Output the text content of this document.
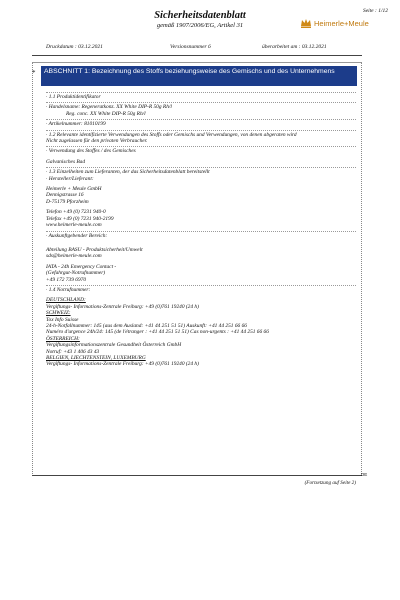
Sicherheitsdatenblatt
gemäß 1907/2006/EG, Artikel 31
Seite : 1/12
Heimerle+Meule
Druckdatum : 03.12.2021	Versionsnummer 6	überarbeitet am : 03.12.2021
*	ABSCHNITT 1: Bezeichnung des Stoffs beziehungsweise des Gemischs und des Unternehmens
· 1.1 Produktidentifikator
· Handelsname: Regeneratkonz. XX White DIP-R 50g Rh/l
Reg. conc. XX White DIP-R 50g Rh/l
· Artikelnummer: 81010199
· 1.2 Relevante identifizierte Verwendungen des Stoffs oder Gemischs und Verwendungen, von denen abgeraten wird
Nicht zugelassen für den privaten Verbraucher.
· Verwendung des Stoffes / des Gemisches
Galvanisches Bad
· 1.3 Einzelheiten zum Lieferanten, der das Sicherheitsdatenblatt bereitstellt
· Hersteller/Lieferant:
Heimerle + Meule GmbH
Dennigstrasse 16
D-75179 Pforzheim
Telefon +49 (0) 7231 940-0
Telefax +49 (0) 7231 940-2199
www.heimerle-meule.com
· Auskunftgebender Bereich:
Abteilung BASU - Produktsicherheit/Umwelt
sds@heimerle-meule.com
IATA - 24h Emergency Contact -
(Gefahrgut-Notrufnummer)
+49 172 739 6970
· 1.4 Notrufnummer:
DEUTSCHLAND:
Vergiftungs- Informations-Zentrale Freiburg: +49 (0)761 19240 (24 h)
SCHWEIZ:
Tox Info Suisse
24-h-Notfallnummer: 145 (aus dem Ausland: +41 44 251 51 51) Auskunft: +41 44 251 66 66
Numéro d'urgence 24h/24: 145 (de l'étranger : +41 44 251 51 51) Cas non-urgents : +41 44 251 66 66
ÖSTERREICH:
Vergiftungsinformationszentrale Gesundheit Österreich GmbH
Notruf: +43 1 406 43 43
BELGIEN, LIECHTENSTEIN, LUXEMBURG
Vergiftungs- Informations-Zentrale Freiburg: +49 (0)761 19240 (24 h)
DE
(Fortsetzung auf Seite 2)
